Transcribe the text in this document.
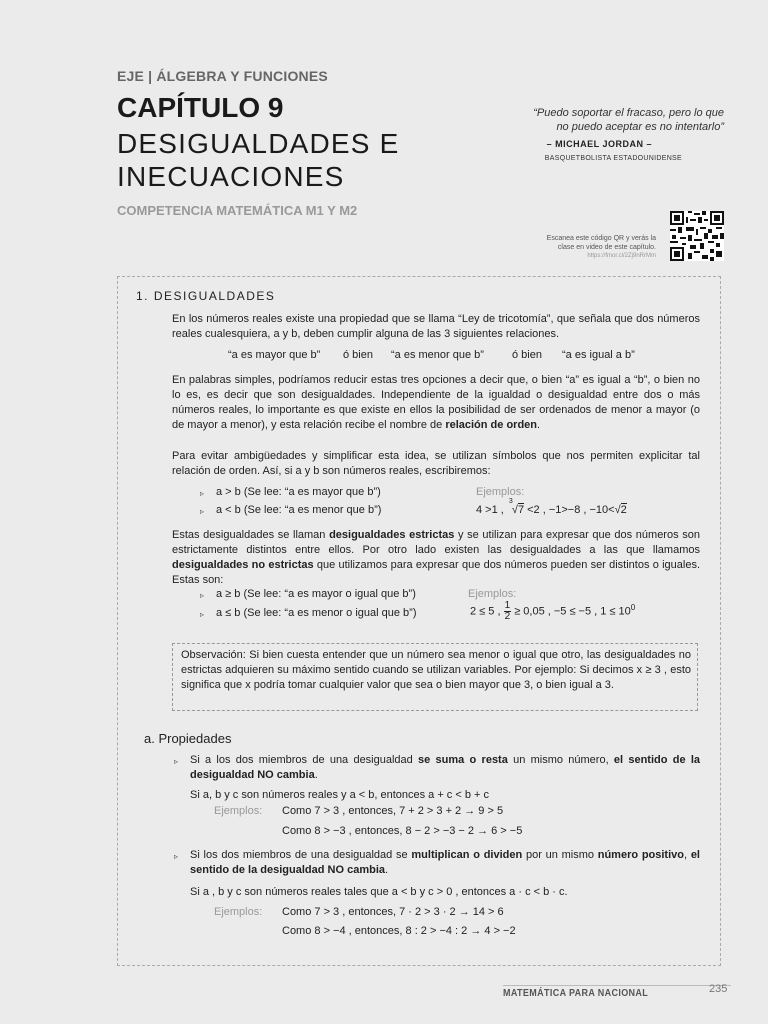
EJE | ÁLGEBRA Y FUNCIONES
CAPÍTULO 9
DESIGUALDADES E
INECUACIONES
COMPETENCIA MATEMÁTICA M1 Y M2
“Puedo soportar el fracaso, pero lo que
no puedo aceptar es no intentarlo”
– MICHAEL JORDAN –
BASQUETBOLISTA ESTADOUNIDENSE
Escanea este código QR y verás la
clase en video de este capítulo.
https://fmor.cl/2Zj9nRrMm
1. DESIGUALDADES
En los números reales existe una propiedad que se llama “Ley de tricotomía”, que señala que dos números reales cualesquiera, a y b, deben cumplir alguna de las 3 siguientes relaciones.
“a es mayor que b” ó bien “a es menor que b”	ó bien “a es igual a b”
En palabras simples, podríamos reducir estas tres opciones a decir que, o bien “a” es igual a “b”, o bien no lo es, es decir que son desigualdades. Independiente de la igualdad o desigualdad entre dos o más números reales, lo importante es que existe en ellos la posibilidad de ser ordenados de menor a mayor (o de mayor a menor), y esta relación recibe el nombre de relación de orden.
Para evitar ambigüedades y simplificar esta idea, se utilizan símbolos que nos permiten explicitar tal relación de orden. Así, si a y b son números reales, escribiremos:
▹ a > b (Se lee: “a es mayor que b”)	Ejemplos:
▹ a < b (Se lee: “a es menor que b”)	4 >1 ,
3
√7 <2 , −1>−8 , −10<√2
Estas desigualdades se llaman desigualdades estrictas y se utilizan para expresar que dos números son estrictamente distintos entre ellos. Por otro lado existen las desigualdades a las que llamamos desigualdades no estrictas que utilizamos para expresar que dos números pueden ser distintos o iguales. Estas son:
▹ a ≥ b (Se lee: “a es mayor o igual que b”)	Ejemplos:
▹ a ≤ b (Se lee: “a es menor o igual que b”)	2 ≤ 5 , $\frac{1}{2} \ge 0,05$ , −5 ≤ −5 , $1 \le 10^0$
Observación: Si bien cuesta entender que un número sea menor o igual que otro, las desigualdades no estrictas adquieren su máximo sentido cuando se utilizan variables. Por ejemplo: Si decimos x ≥ 3 , esto significa que x podría tomar cualquier valor que sea o bien mayor que 3, o bien igual a 3.
a. Propiedades
▹ Si a los dos miembros de una desigualdad se suma o resta un mismo número, el sentido de la desigualdad NO cambia.
Si a, b y c son números reales y a < b, entonces a + c < b + c
Ejemplos: Como 7 > 3 , entonces, 7 + 2 > 3 + 2 → 9 > 5
Como 8 > −3 , entonces, 8 − 2 > −3 − 2 → 6 > −5
▹ Si los dos miembros de una desigualdad se multiplican o dividen por un mismo número positivo, el sentido de la desigualdad NO cambia.
Si a , b y c son números reales tales que a < b y c > 0 , entonces a · c < b · c.
Ejemplos: Como 7 > 3 , entonces, 7 · 2 > 3 · 2 → 14 > 6
Como 8 > −4 , entonces, 8 : 2 > −4 : 2 → 4 > −2
MATEMÁTICA PARA NACIONAL	235
